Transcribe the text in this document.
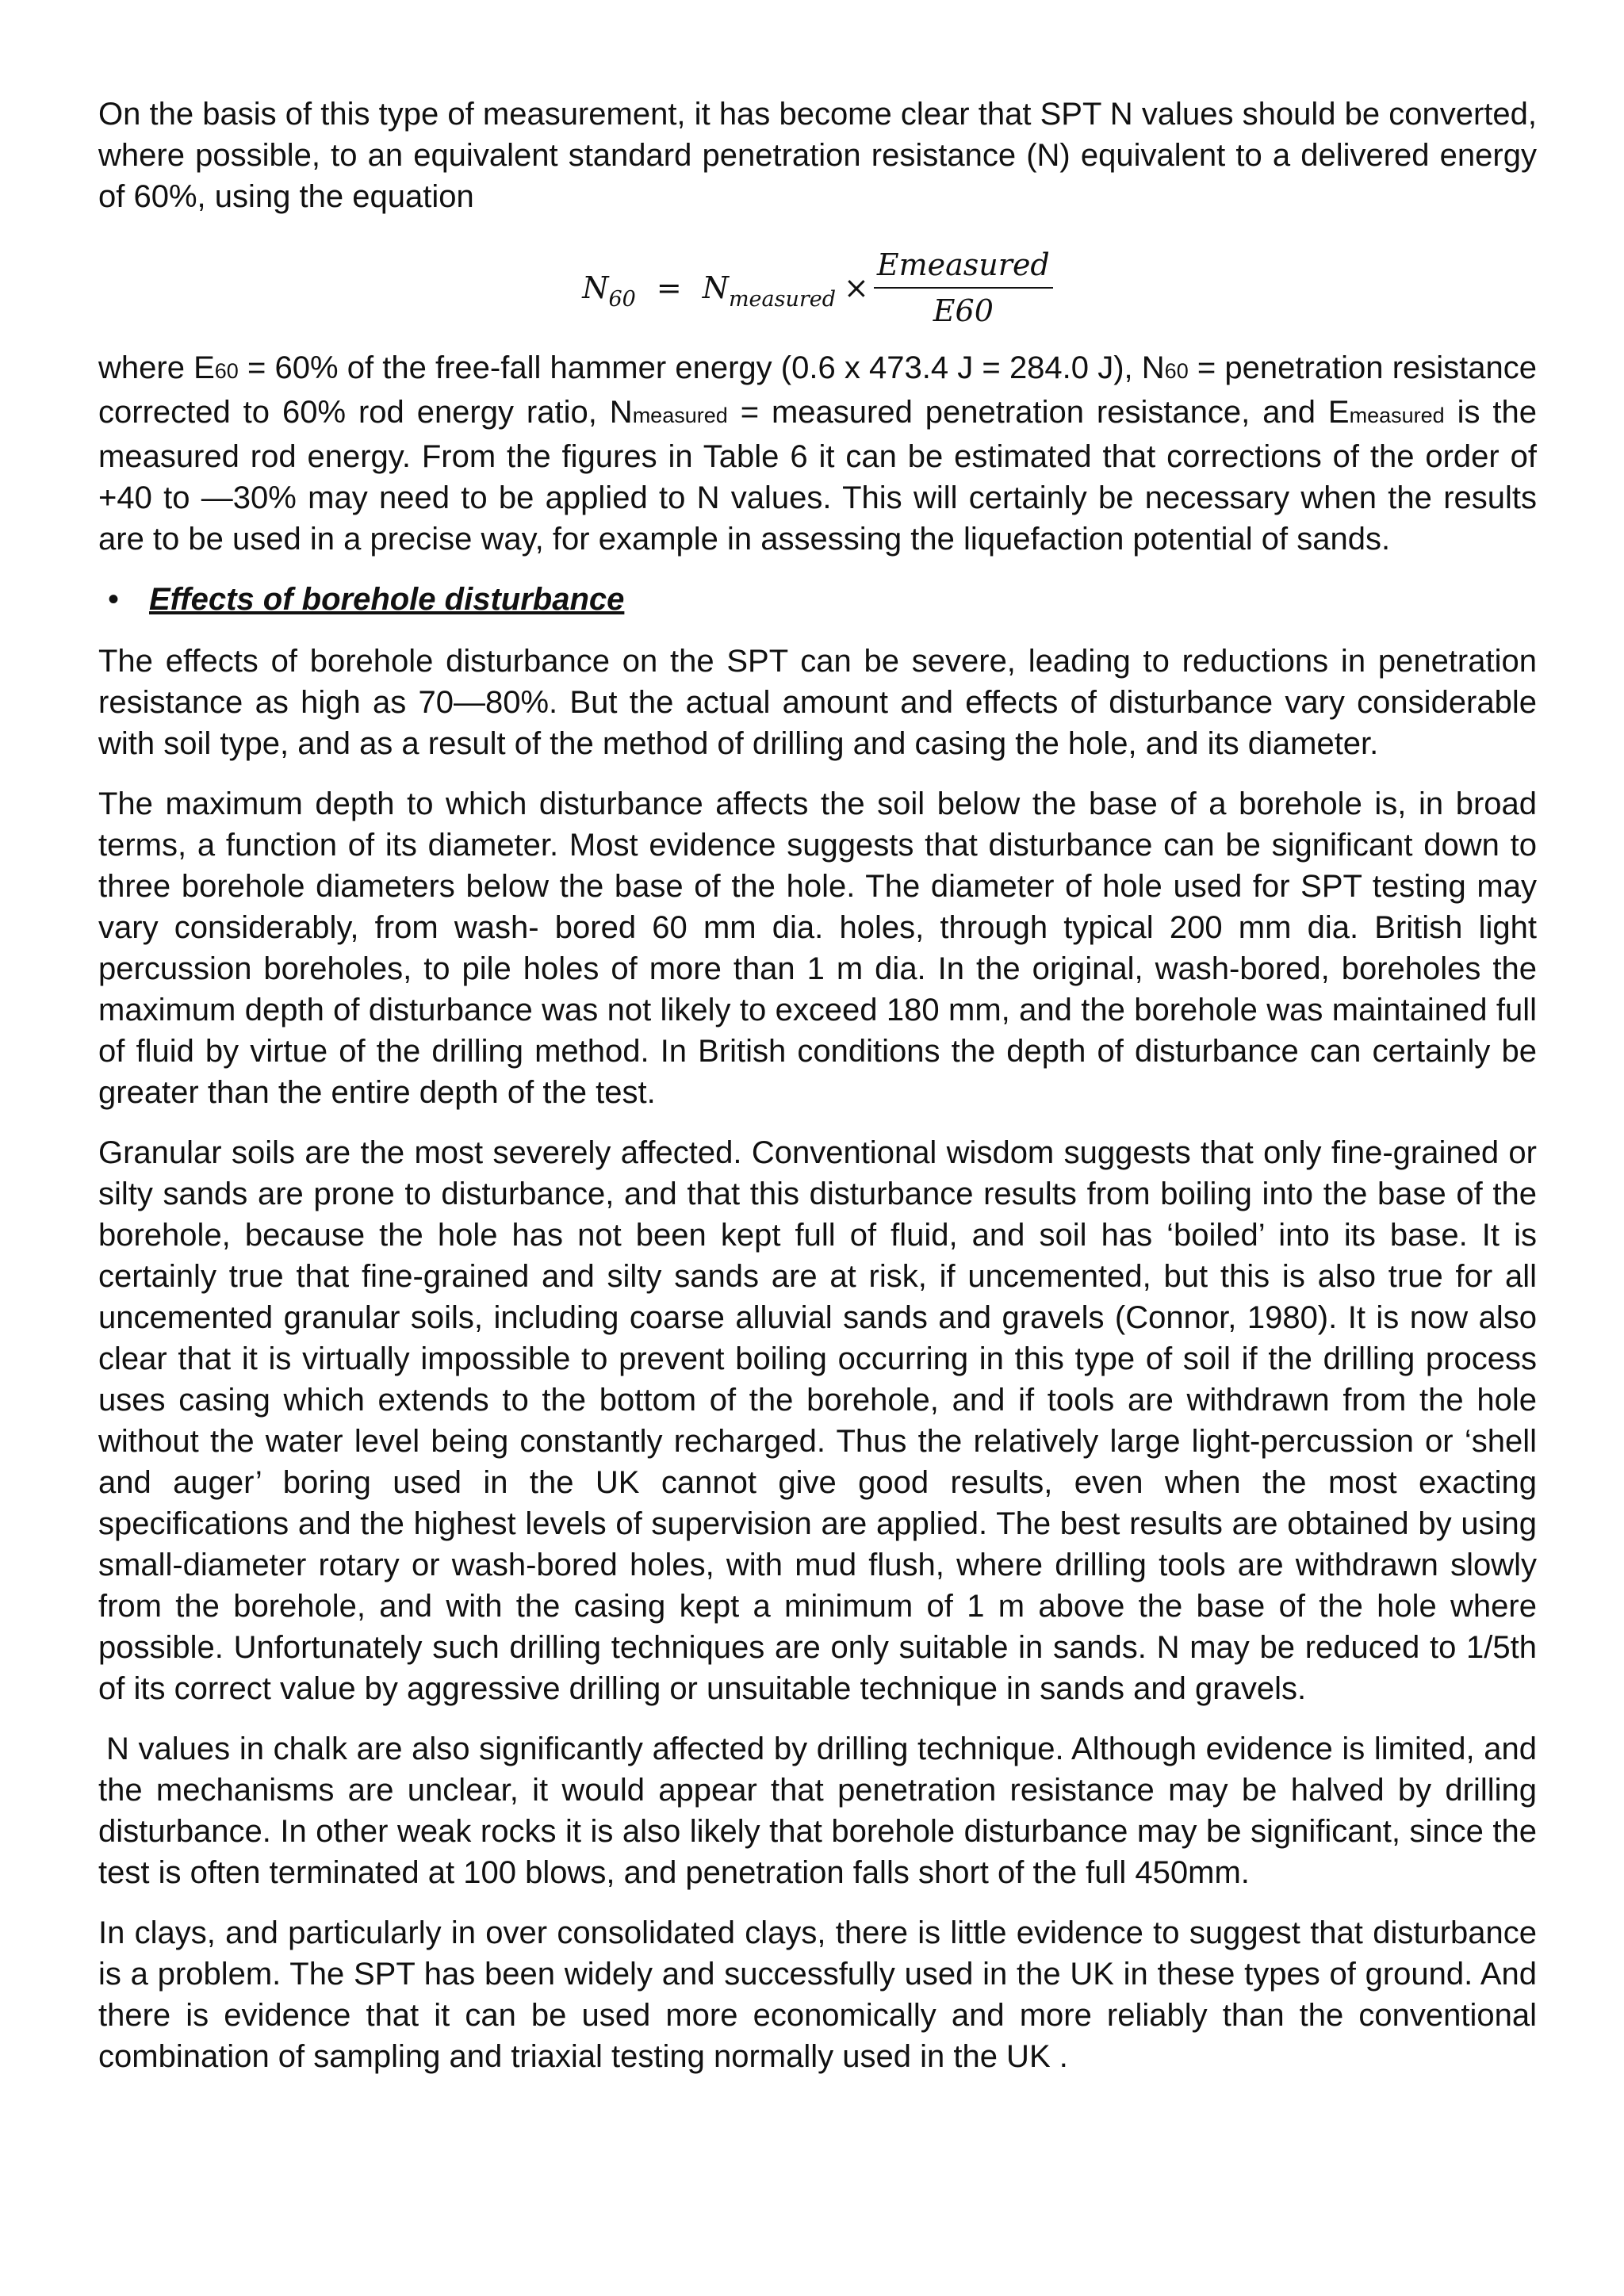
On the basis of this type of measurement, it has become clear that SPT N values should be converted, where possible, to an equivalent standard penetration resistance (N) equivalent to a delivered energy of 60%, using the equation

$N_{60} = N_{measured} \times \frac{\text{Emeasured}}{E60}$

where E60 = 60% of the free-fall hammer energy (0.6 x 473.4 J = 284.0 J), N60 = penetration resistance corrected to 60% rod energy ratio, Nmeasured = measured penetration resistance, and Emeasured is the measured rod energy. From the figures in Table 6 it can be estimated that corrections of the order of +40 to —30% may need to be applied to N values. This will certainly be necessary when the results are to be used in a precise way, for example in assessing the liquefaction potential of sands.

• Effects of borehole disturbance

The effects of borehole disturbance on the SPT can be severe, leading to reductions in penetration resistance as high as 70—80%. But the actual amount and effects of disturbance vary considerable with soil type, and as a result of the method of drilling and casing the hole, and its diameter.

The maximum depth to which disturbance affects the soil below the base of a borehole is, in broad terms, a function of its diameter. Most evidence suggests that disturbance can be significant down to three borehole diameters below the base of the hole. The diameter of hole used for SPT testing may vary considerably, from wash- bored 60 mm dia. holes, through typical 200 mm dia. British light percussion boreholes, to pile holes of more than 1 m dia. In the original, wash-bored, boreholes the maximum depth of disturbance was not likely to exceed 180 mm, and the borehole was maintained full of fluid by virtue of the drilling method. In British conditions the depth of disturbance can certainly be greater than the entire depth of the test.

Granular soils are the most severely affected. Conventional wisdom suggests that only fine-grained or silty sands are prone to disturbance, and that this disturbance results from boiling into the base of the borehole, because the hole has not been kept full of fluid, and soil has ‘boiled’ into its base. It is certainly true that fine-grained and silty sands are at risk, if uncemented, but this is also true for all uncemented granular soils, including coarse alluvial sands and gravels (Connor, 1980). It is now also clear that it is virtually impossible to prevent boiling occurring in this type of soil if the drilling process uses casing which extends to the bottom of the borehole, and if tools are withdrawn from the hole without the water level being constantly recharged. Thus the relatively large light-percussion or ‘shell and auger’ boring used in the UK cannot give good results, even when the most exacting specifications and the highest levels of supervision are applied. The best results are obtained by using small-diameter rotary or wash-bored holes, with mud flush, where drilling tools are withdrawn slowly from the borehole, and with the casing kept a minimum of 1 m above the base of the hole where possible. Unfortunately such drilling techniques are only suitable in sands. N may be reduced to 1/5th of its correct value by aggressive drilling or unsuitable technique in sands and gravels.

N values in chalk are also significantly affected by drilling technique. Although evidence is limited, and the mechanisms are unclear, it would appear that penetration resistance may be halved by drilling disturbance. In other weak rocks it is also likely that borehole disturbance may be significant, since the test is often terminated at 100 blows, and penetration falls short of the full 450mm.

In clays, and particularly in over consolidated clays, there is little evidence to suggest that disturbance is a problem. The SPT has been widely and successfully used in the UK in these types of ground. And there is evidence that it can be used more economically and more reliably than the conventional combination of sampling and triaxial testing normally used in the UK .
